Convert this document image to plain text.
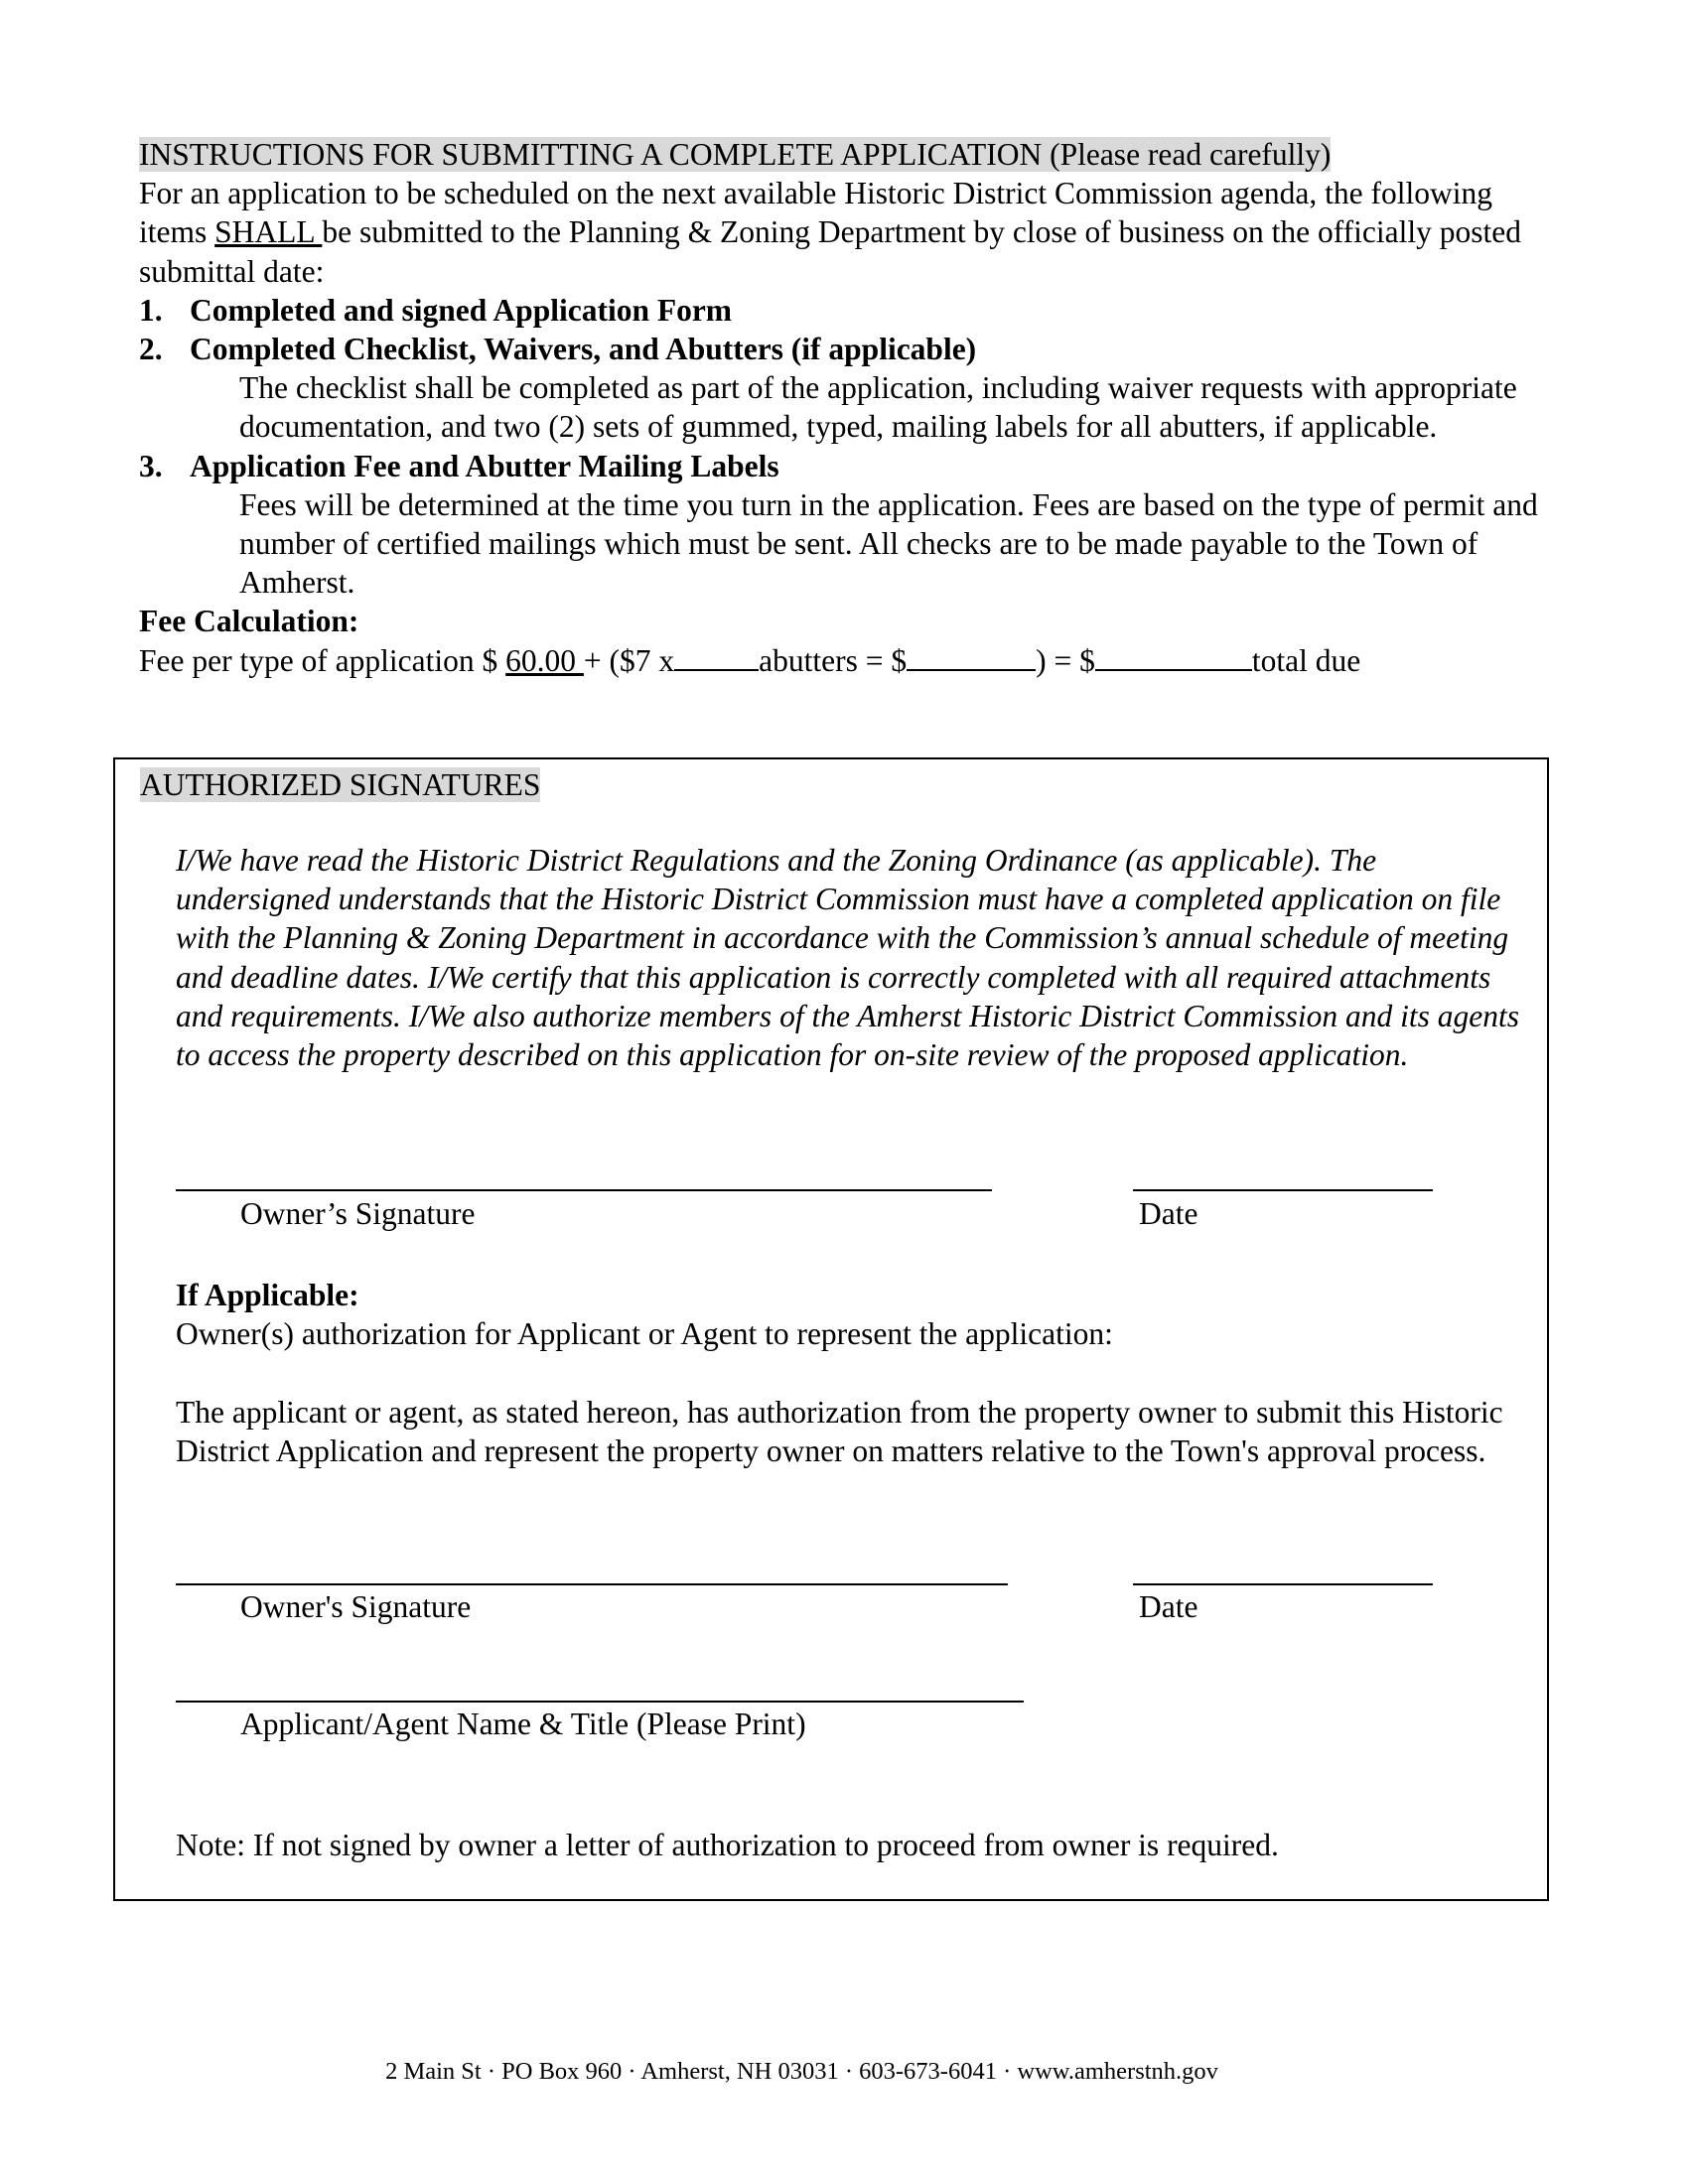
INSTRUCTIONS FOR SUBMITTING A COMPLETE APPLICATION (Please read carefully)

For an application to be scheduled on the next available Historic District Commission agenda, the following items SHALL be submitted to the Planning & Zoning Department by close of business on the officially posted submittal date:

1. Completed and signed Application Form
2. Completed Checklist, Waivers, and Abutters (if applicable)

The checklist shall be completed as part of the application, including waiver requests with appropriate documentation, and two (2) sets of gummed, typed, mailing labels for all abutters, if applicable.

3. Application Fee and Abutter Mailing Labels

Fees will be determined at the time you turn in the application. Fees are based on the type of permit and number of certified mailings which must be sent. All checks are to be made payable to the Town of Amherst.

Fee Calculation:
Fee per type of application $ 60.00 + ($7 x	abutters = $	) = $	total due
AUTHORIZED SIGNATURES

I/We have read the Historic District Regulations and the Zoning Ordinance (as applicable). The undersigned understands that the Historic District Commission must have a completed application on file with the Planning & Zoning Department in accordance with the Commission’s annual schedule of meeting and deadline dates. I/We certify that this application is correctly completed with all required attachments and requirements. I/We also authorize members of the Amherst Historic District Commission and its agents to access the property described on this application for on-site review of the proposed application.

Owner’s Signature	Date
If Applicable:
Owner(s) authorization for Applicant or Agent to represent the application:

The applicant or agent, as stated hereon, has authorization from the property owner to submit this Historic District Application and represent the property owner on matters relative to the Town's approval process.

Owner's Signature	Date
Applicant/Agent Name & Title (Please Print)
Note: If not signed by owner a letter of authorization to proceed from owner is required.
2 Main St · PO Box 960 · Amherst, NH 03031 · 603-673-6041 · www.amherstnh.gov
